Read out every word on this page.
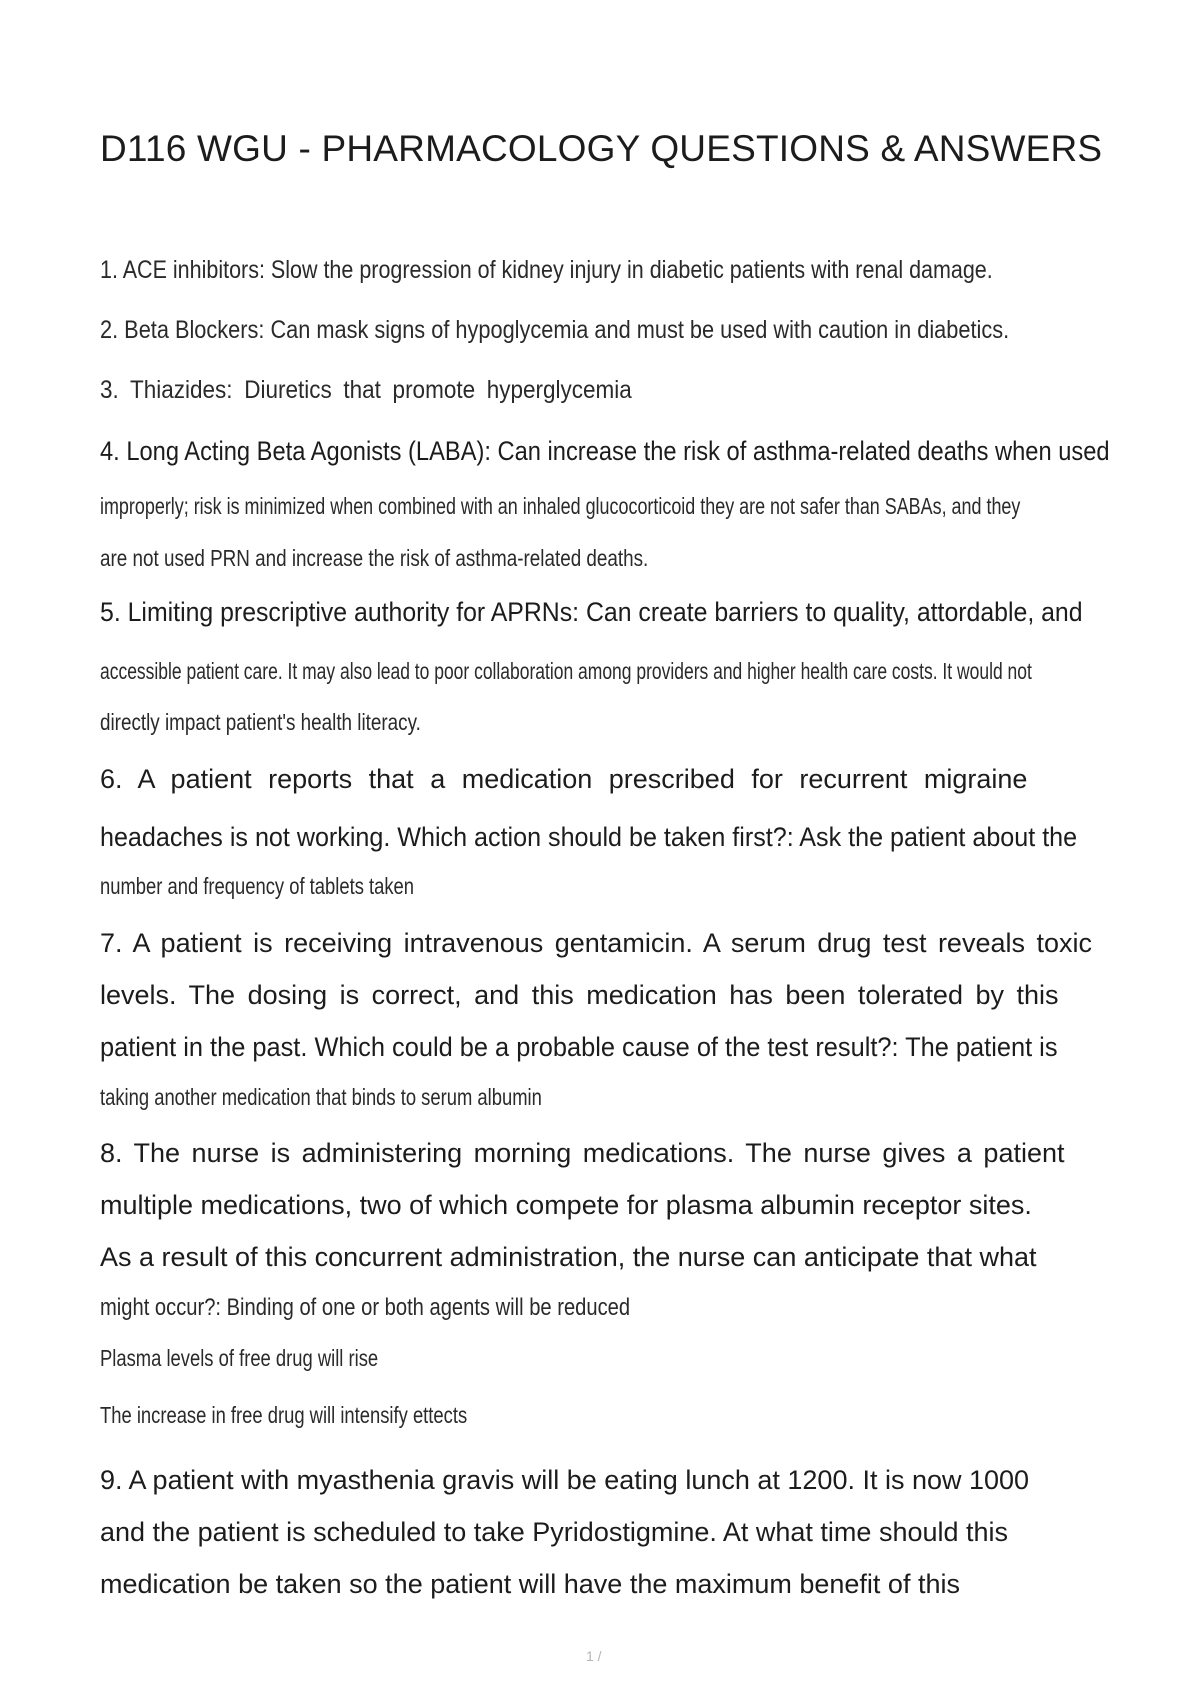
D116 WGU - PHARMACOLOGY QUESTIONS & ANSWERS
1. ACE inhibitors: Slow the progression of kidney injury in diabetic patients with renal damage.
2. Beta Blockers: Can mask signs of hypoglycemia and must be used with caution in diabetics.
3. Thiazides: Diuretics that promote hyperglycemia
4. Long Acting Beta Agonists (LABA): Can increase the risk of asthma-related deaths when used
improperly; risk is minimized when combined with an inhaled glucocorticoid they are not safer than SABAs, and they
are not used PRN and increase the risk of asthma-related deaths.
5. Limiting prescriptive authority for APRNs: Can create barriers to quality, attordable, and
accessible patient care. It may also lead to poor collaboration among providers and higher health care costs. It would not
directly impact patient's health literacy.
6. A patient reports that a medication prescribed for recurrent migraine
headaches is not working. Which action should be taken first?: Ask the patient about the
number and frequency of tablets taken
7. A patient is receiving intravenous gentamicin. A serum drug test reveals toxic
levels. The dosing is correct, and this medication has been tolerated by this
patient in the past. Which could be a probable cause of the test result?: The patient is
taking another medication that binds to serum albumin
8. The nurse is administering morning medications. The nurse gives a patient
multiple medications, two of which compete for plasma albumin receptor sites.
As a result of this concurrent administration, the nurse can anticipate that what
might occur?: Binding of one or both agents will be reduced
Plasma levels of free drug will rise
The increase in free drug will intensify ettects
9. A patient with myasthenia gravis will be eating lunch at 1200. It is now 1000
and the patient is scheduled to take Pyridostigmine. At what time should this
medication be taken so the patient will have the maximum benefit of this
1 /
